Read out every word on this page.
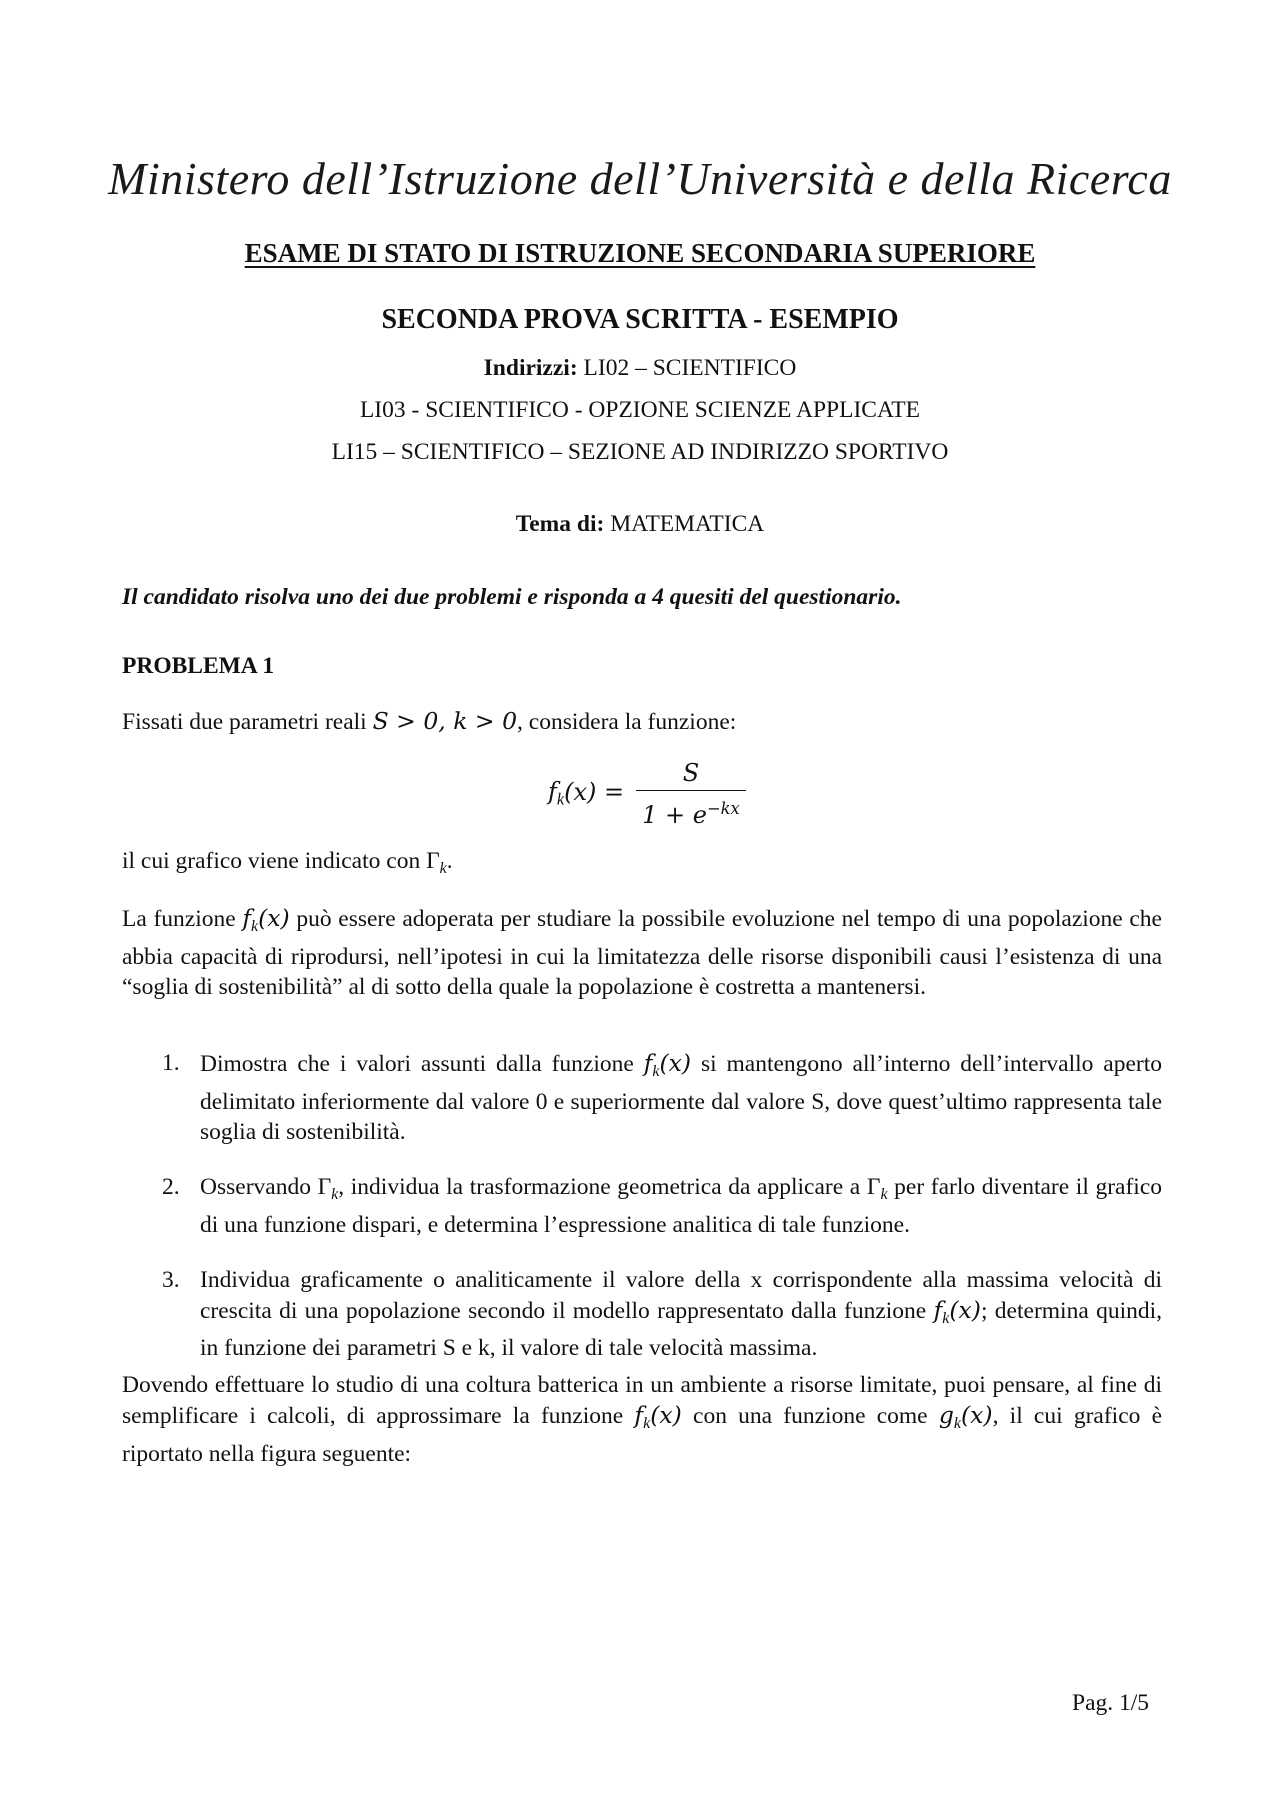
Ministero dell’Istruzione dell’Università e della Ricerca
ESAME DI STATO DI ISTRUZIONE SECONDARIA SUPERIORE
SECONDA PROVA SCRITTA - ESEMPIO
Indirizzi: LI02 – SCIENTIFICO
LI03 - SCIENTIFICO - OPZIONE SCIENZE APPLICATE
LI15 – SCIENTIFICO – SEZIONE AD INDIRIZZO SPORTIVO
Tema di: MATEMATICA
Il candidato risolva uno dei due problemi e risponda a 4 quesiti del questionario.
PROBLEMA 1
Fissati due parametri reali S > 0, k > 0, considera la funzione:
$f_k(x) = \frac{S}{1 + e^{-kx}}$
il cui grafico viene indicato con $\Gamma_k$.
La funzione $f_k(x)$ può essere adoperata per studiare la possibile evoluzione nel tempo di una popolazione che abbia capacità di riprodursi, nell’ipotesi in cui la limitatezza delle risorse disponibili causi l’esistenza di una “soglia di sostenibilità” al di sotto della quale la popolazione è costretta a mantenersi.
1. Dimostra che i valori assunti dalla funzione $f_k(x)$ si mantengono all’interno dell’intervallo aperto delimitato inferiormente dal valore 0 e superiormente dal valore S, dove quest’ultimo rappresenta tale soglia di sostenibilità.
2. Osservando $\Gamma_k$, individua la trasformazione geometrica da applicare a $\Gamma_k$ per farlo diventare il grafico di una funzione dispari, e determina l’espressione analitica di tale funzione.
3. Individua graficamente o analiticamente il valore della x corrispondente alla massima velocità di crescita di una popolazione secondo il modello rappresentato dalla funzione $f_k(x)$; determina quindi, in funzione dei parametri S e k, il valore di tale velocità massima.
Dovendo effettuare lo studio di una coltura batterica in un ambiente a risorse limitate, puoi pensare, al fine di semplificare i calcoli, di approssimare la funzione $f_k(x)$ con una funzione come $g_k(x)$, il cui grafico è riportato nella figura seguente:
Pag. 1/5
